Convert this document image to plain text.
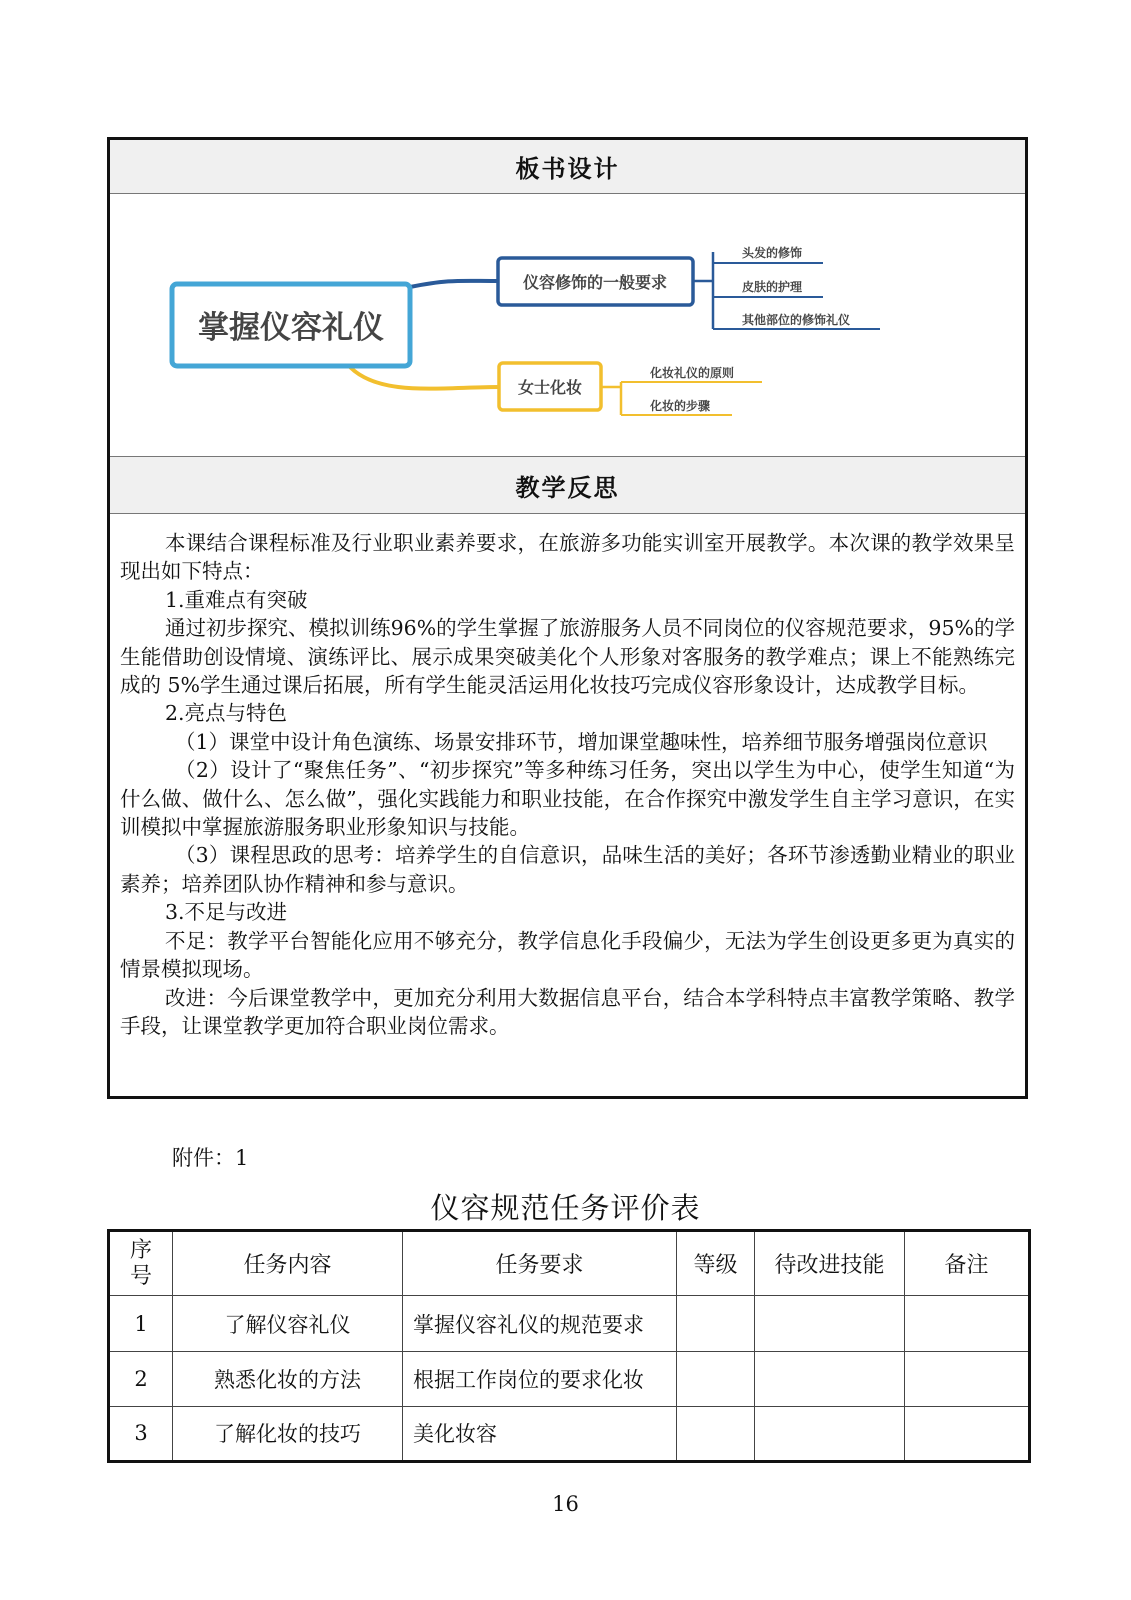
板书设计
掌握仪容礼仪
仪容修饰的一般要求
头发的修饰
皮肤的护理
其他部位的修饰礼仪
女士化妆
化妆礼仪的原则
化妆的步骤
教学反思

本课结合课程标准及行业职业素养要求，在旅游多功能实训室开展教学。本次课的教学效果呈现出如下特点：

1.重难点有突破

通过初步探究、模拟训练96%的学生掌握了旅游服务人员不同岗位的仪容规范要求，95%的学生能借助创设情境、演练评比、展示成果突破美化个人形象对客服务的教学难点；课上不能熟练完成的 5%学生通过课后拓展，所有学生能灵活运用化妆技巧完成仪容形象设计，达成教学目标。

2.亮点与特色

（1）课堂中设计角色演练、场景安排环节，增加课堂趣味性，培养细节服务增强岗位意识

（2）设计了“聚焦任务”、“初步探究”等多种练习任务，突出以学生为中心，使学生知道“为什么做、做什么、怎么做”，强化实践能力和职业技能，在合作探究中激发学生自主学习意识，在实训模拟中掌握旅游服务职业形象知识与技能。

（3）课程思政的思考：培养学生的自信意识，品味生活的美好；各环节渗透勤业精业的职业素养；培养团队协作精神和参与意识。

3.不足与改进

不足：教学平台智能化应用不够充分，教学信息化手段偏少，无法为学生创设更多更为真实的情景模拟现场。

改进：今后课堂教学中，更加充分利用大数据信息平台，结合本学科特点丰富教学策略、教学手段，让课堂教学更加符合职业岗位需求。

附件：1
仪容规范任务评价表
序
号	任务内容	任务要求	等级	待改进技能	备注
1	了解仪容礼仪	掌握仪容礼仪的规范要求			
2	熟悉化妆的方法	根据工作岗位的要求化妆			
3	了解化妆的技巧	美化妆容			
16
